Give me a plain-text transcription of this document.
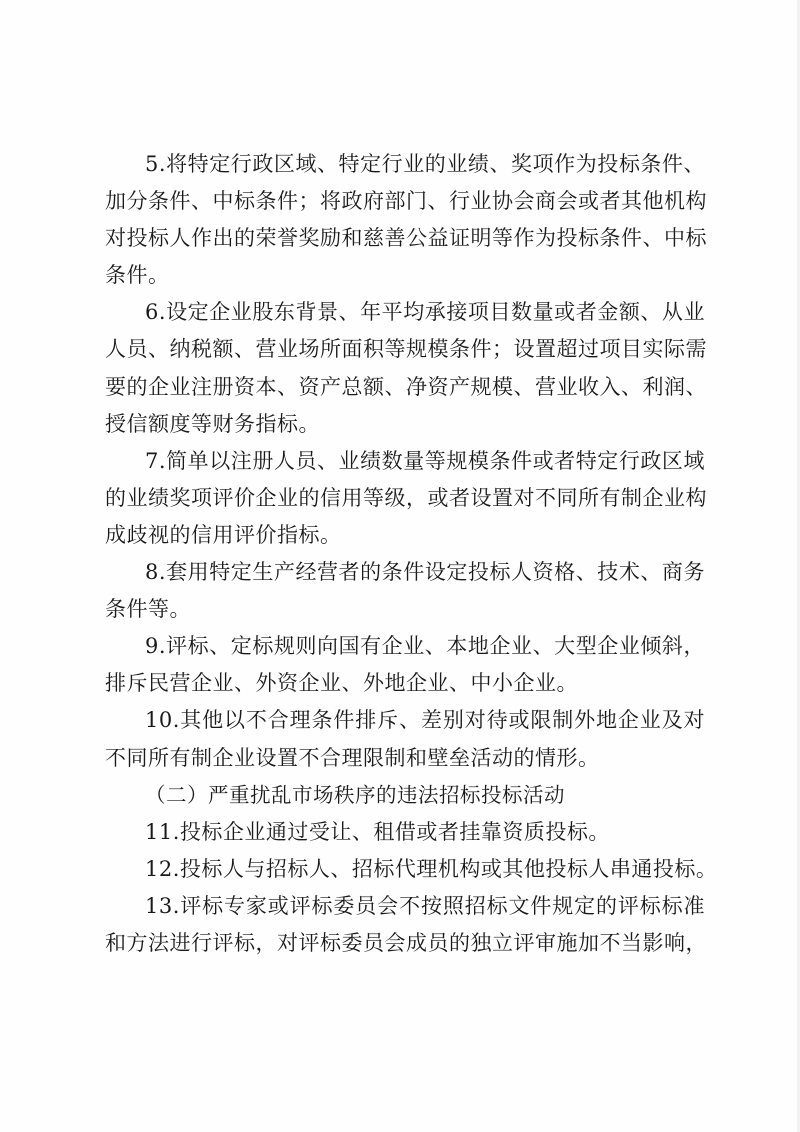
5.将特定行政区域、特定行业的业绩、奖项作为投标条件、
加分条件、中标条件；将政府部门、行业协会商会或者其他机构
对投标人作出的荣誉奖励和慈善公益证明等作为投标条件、中标
条件。
6.设定企业股东背景、年平均承接项目数量或者金额、从业
人员、纳税额、营业场所面积等规模条件；设置超过项目实际需
要的企业注册资本、资产总额、净资产规模、营业收入、利润、
授信额度等财务指标。
7.简单以注册人员、业绩数量等规模条件或者特定行政区域
的业绩奖项评价企业的信用等级，或者设置对不同所有制企业构
成歧视的信用评价指标。
8.套用特定生产经营者的条件设定投标人资格、技术、商务
条件等。
9.评标、定标规则向国有企业、本地企业、大型企业倾斜，
排斥民营企业、外资企业、外地企业、中小企业。
10.其他以不合理条件排斥、差别对待或限制外地企业及对
不同所有制企业设置不合理限制和壁垒活动的情形。
（二）严重扰乱市场秩序的违法招标投标活动
11.投标企业通过受让、租借或者挂靠资质投标。
12.投标人与招标人、招标代理机构或其他投标人串通投标。
13.评标专家或评标委员会不按照招标文件规定的评标标准
和方法进行评标，对评标委员会成员的独立评审施加不当影响，
